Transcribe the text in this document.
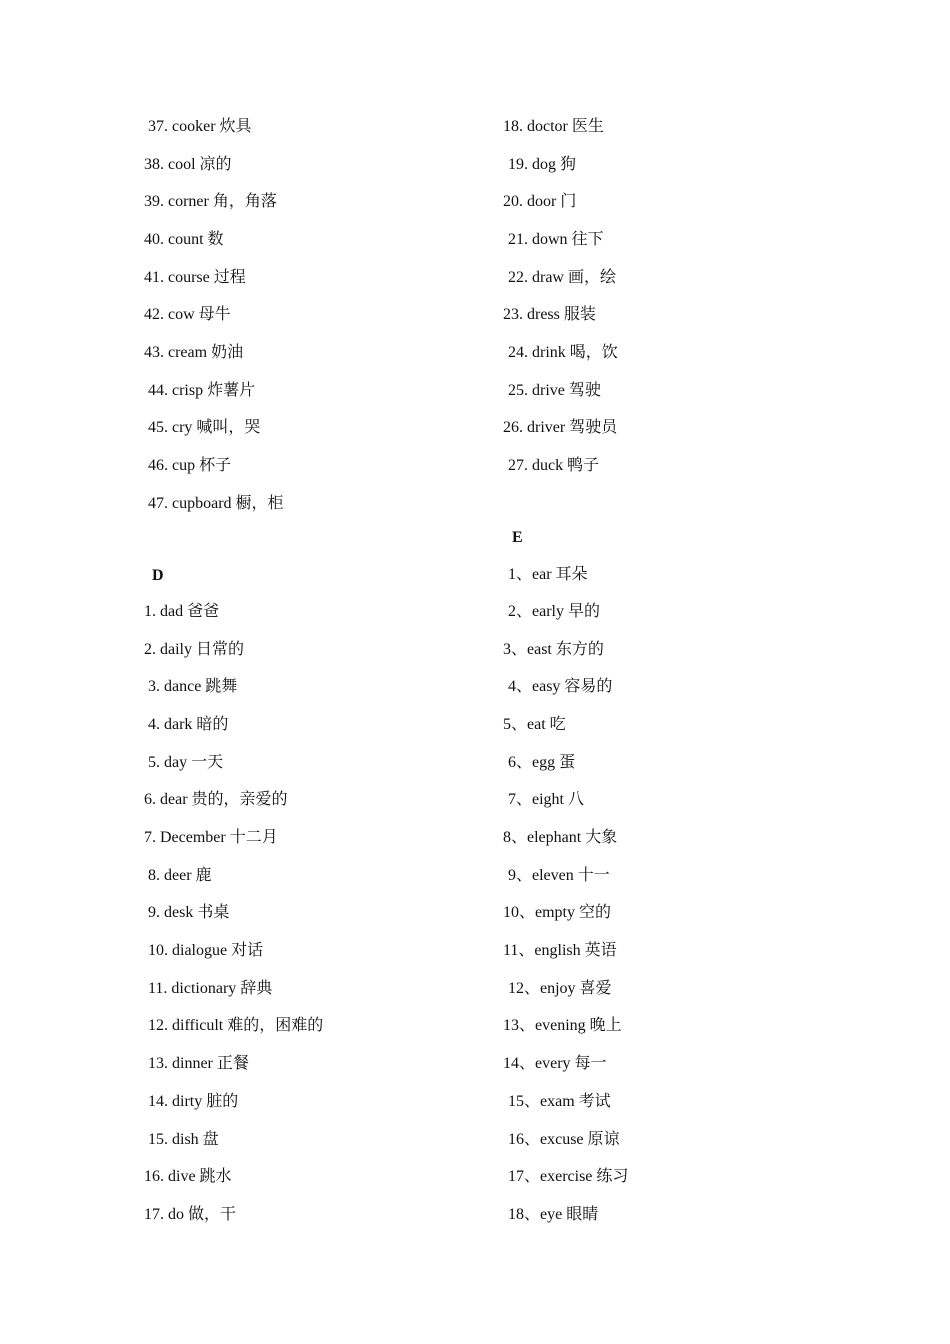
37. cooker 炊具
38. cool 凉的
39. corner 角，角落
40. count 数
41. course 过程
42. cow 母牛
43. cream 奶油
44. crisp 炸薯片
45. cry 喊叫，哭
46. cup 杯子
47. cupboard 橱，柜
D
1. dad 爸爸
2. daily 日常的
3. dance 跳舞
4. dark 暗的
5. day 一天
6. dear 贵的，亲爱的
7. December 十二月
8. deer 鹿
9. desk 书桌
10. dialogue 对话
11. dictionary 辞典
12. difficult 难的，困难的
13. dinner 正餐
14. dirty 脏的
15. dish 盘
16. dive 跳水
17. do 做，干
18. doctor 医生
19. dog 狗
20. door 门
21. down 往下
22. draw 画，绘
23. dress 服装
24. drink 喝，饮
25. drive 驾驶
26. driver 驾驶员
27. duck 鸭子
E
1、ear 耳朵
2、early 早的
3、east 东方的
4、easy 容易的
5、eat 吃
6、egg 蛋
7、eight 八
8、elephant 大象
9、eleven 十一
10、empty 空的
11、english 英语
12、enjoy 喜爱
13、evening 晚上
14、every 每一
15、exam 考试
16、excuse 原谅
17、exercise 练习
18、eye 眼睛
